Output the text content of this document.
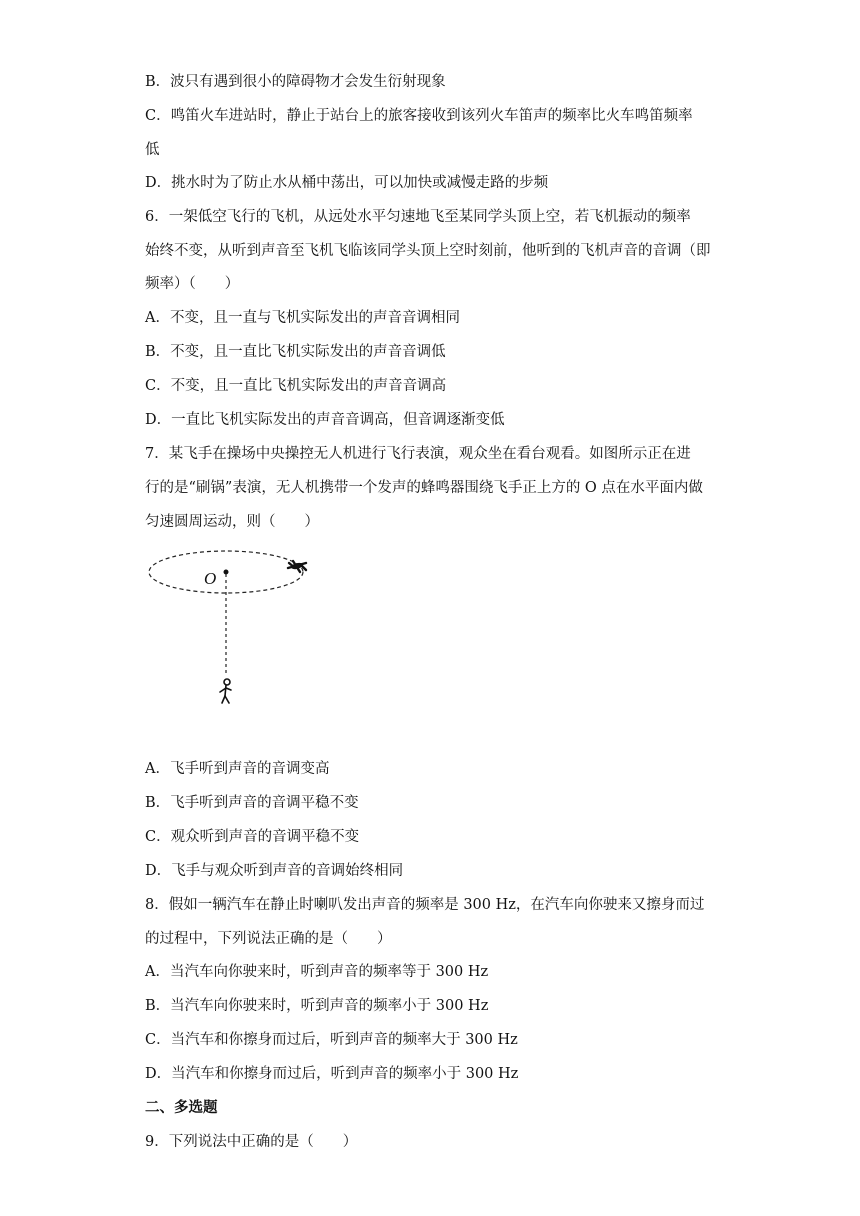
B．波只有遇到很小的障碍物才会发生衍射现象
C．鸣笛火车进站时，静止于站台上的旅客接收到该列火车笛声的频率比火车鸣笛频率
低
D．挑水时为了防止水从桶中荡出，可以加快或减慢走路的步频
6．一架低空飞行的飞机，从远处水平匀速地飞至某同学头顶上空，若飞机振动的频率
始终不变，从听到声音至飞机飞临该同学头顶上空时刻前，他听到的飞机声音的音调（即
频率）（　　）
A．不变，且一直与飞机实际发出的声音音调相同
B．不变，且一直比飞机实际发出的声音音调低
C．不变，且一直比飞机实际发出的声音音调高
D．一直比飞机实际发出的声音音调高，但音调逐渐变低
7．某飞手在操场中央操控无人机进行飞行表演，观众坐在看台观看。如图所示正在进
行的是“刷锅”表演，无人机携带一个发声的蜂鸣器围绕飞手正上方的 O 点在水平面内做
匀速圆周运动，则（　　）
O
A．飞手听到声音的音调变高
B．飞手听到声音的音调平稳不变
C．观众听到声音的音调平稳不变
D．飞手与观众听到声音的音调始终相同
8．假如一辆汽车在静止时喇叭发出声音的频率是 300 Hz，在汽车向你驶来又擦身而过
的过程中，下列说法正确的是（　　）
A．当汽车向你驶来时，听到声音的频率等于 300 Hz
B．当汽车向你驶来时，听到声音的频率小于 300 Hz
C．当汽车和你擦身而过后，听到声音的频率大于 300 Hz
D．当汽车和你擦身而过后，听到声音的频率小于 300 Hz
二、多选题
9．下列说法中正确的是（　　）
